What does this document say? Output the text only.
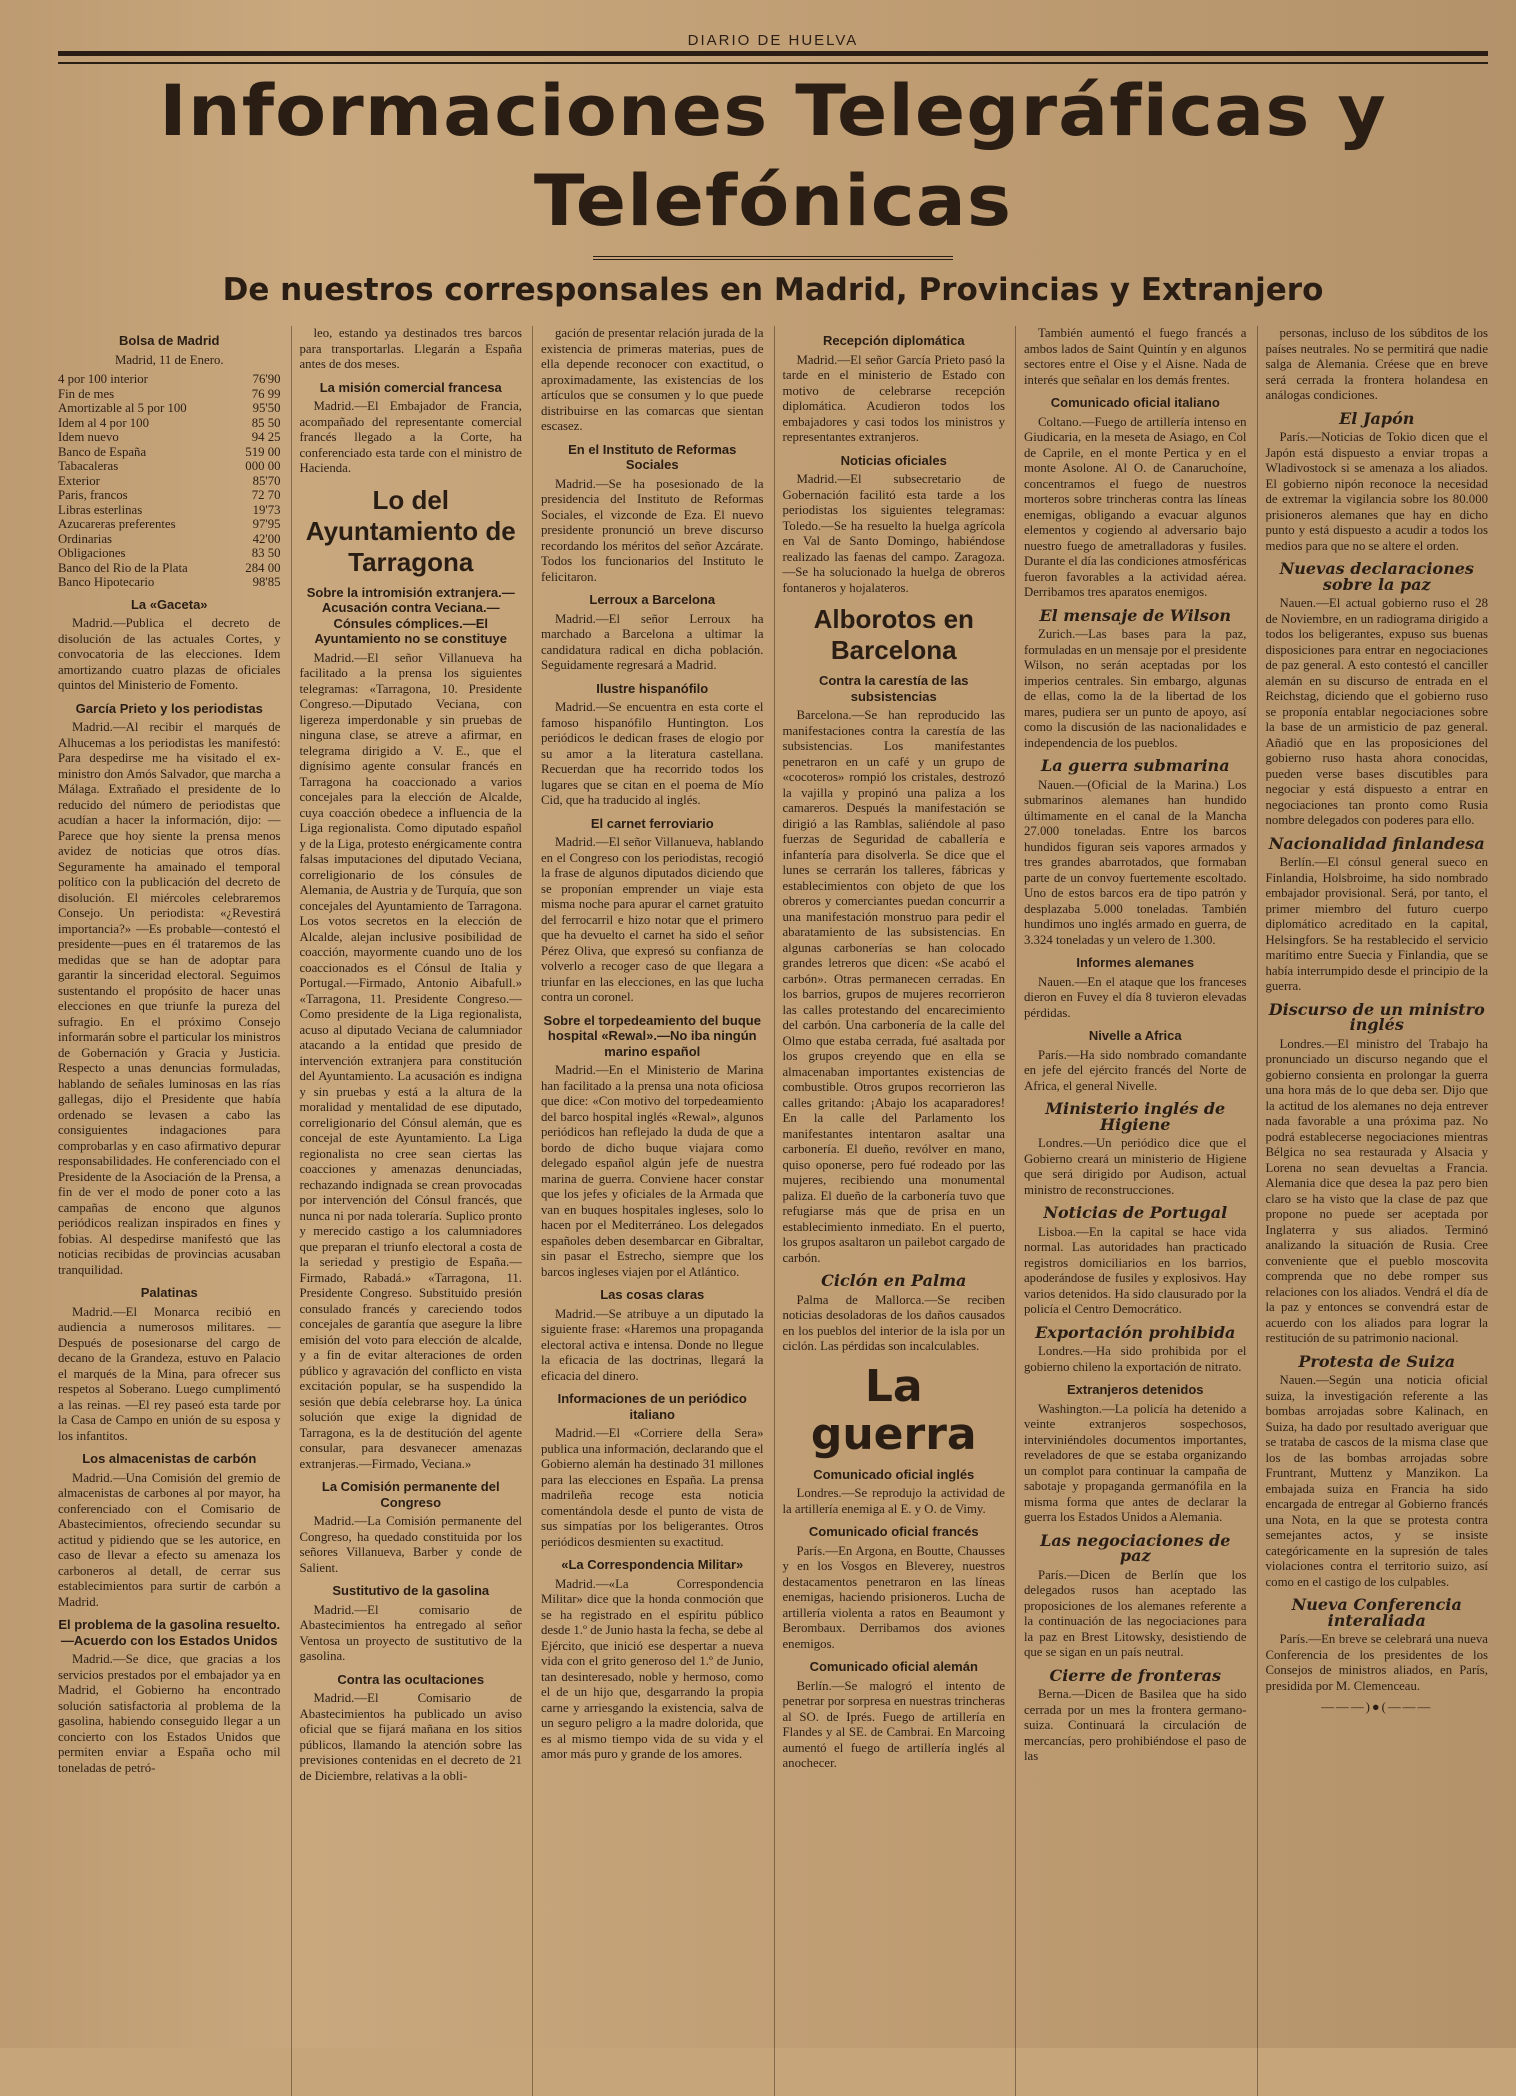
DIARIO DE HUELVA
Informaciones Telegráficas y Telefónicas
De nuestros corresponsales en Madrid, Provincias y Extranjero
Bolsa de Madrid
Madrid, 11 de Enero.
4 por 100 interior	76'90
Fin de mes	76 99
Amortizable al 5 por 100	95'50
Idem al 4 por 100	85 50
Idem nuevo	94 25
Banco de España	519 00
Tabacaleras	000 00
Exterior	85'70
Paris, francos	72 70
Libras esterlinas	19'73
Azucareras preferentes	97'95
Ordinarias	42'00
Obligaciones	83 50
Banco del Rio de la Plata	284 00
Banco Hipotecario	98'85
La «Gaceta»

Madrid.—Publica el decreto de disolución de las actuales Cortes, y convocatoria de las elecciones. Idem amortizando cuatro plazas de oficiales quintos del Ministerio de Fomento.

García Prieto y los periodistas

Madrid.—Al recibir el marqués de Alhucemas a los periodistas les manifestó: Para despedirse me ha visitado el ex-ministro don Amós Salvador, que marcha a Málaga. Extrañado el presidente de lo reducido del número de periodistas que acudían a hacer la información, dijo: —Parece que hoy siente la prensa menos avidez de noticias que otros días. Seguramente ha amainado el temporal político con la publicación del decreto de disolución. El miércoles celebraremos Consejo. Un periodista: «¿Revestirá importancia?» —Es probable—contestó el presidente—pues en él trataremos de las medidas que se han de adoptar para garantir la sinceridad electoral. Seguimos sustentando el propósito de hacer unas elecciones en que triunfe la pureza del sufragio. En el próximo Consejo informarán sobre el particular los ministros de Gobernación y Gracia y Justicia. Respecto a unas denuncias formuladas, hablando de señales luminosas en las rías gallegas, dijo el Presidente que había ordenado se levasen a cabo las consiguientes indagaciones para comprobarlas y en caso afirmativo depurar responsabilidades. He conferenciado con el Presidente de la Asociación de la Prensa, a fin de ver el modo de poner coto a las campañas de encono que algunos periódicos realizan inspirados en fines y fobias. Al despedirse manifestó que las noticias recibidas de provincias acusaban tranquilidad.

Palatinas

Madrid.—El Monarca recibió en audiencia a numerosos militares. —Después de posesionarse del cargo de decano de la Grandeza, estuvo en Palacio el marqués de la Mina, para ofrecer sus respetos al Soberano. Luego cumplimentó a las reinas. —El rey paseó esta tarde por la Casa de Campo en unión de su esposa y los infantitos.

Los almacenistas de carbón

Madrid.—Una Comisión del gremio de almacenistas de carbones al por mayor, ha conferenciado con el Comisario de Abastecimientos, ofreciendo secundar su actitud y pidiendo que se les autorice, en caso de llevar a efecto su amenaza los carboneros al detall, de cerrar sus establecimientos para surtir de carbón a Madrid.

El problema de la gasolina resuelto. —Acuerdo con los Estados Unidos

Madrid.—Se dice, que gracias a los servicios prestados por el embajador ya en Madrid, el Gobierno ha encontrado solución satisfactoria al problema de la gasolina, habiendo conseguido llegar a un concierto con los Estados Unidos que permiten enviar a España ocho mil toneladas de petró-

leo, estando ya destinados tres barcos para transportarlas. Llegarán a España antes de dos meses.

La misión comercial francesa

Madrid.—El Embajador de Francia, acompañado del representante comercial francés llegado a la Corte, ha conferenciado esta tarde con el ministro de Hacienda.

Lo del Ayuntamiento de Tarragona
Sobre la intromisión extranjera.—Acusación contra Veciana.—Cónsules cómplices.—El Ayuntamiento no se constituye

Madrid.—El señor Villanueva ha facilitado a la prensa los siguientes telegramas: «Tarragona, 10. Presidente Congreso.—Diputado Veciana, con ligereza imperdonable y sin pruebas de ninguna clase, se atreve a afirmar, en telegrama dirigido a V. E., que el dignísimo agente consular francés en Tarragona ha coaccionado a varios concejales para la elección de Alcalde, cuya coacción obedece a influencia de la Liga regionalista. Como diputado español y de la Liga, protesto enérgicamente contra falsas imputaciones del diputado Veciana, correligionario de los cónsules de Alemania, de Austria y de Turquía, que son concejales del Ayuntamiento de Tarragona. Los votos secretos en la elección de Alcalde, alejan inclusive posibilidad de coacción, mayormente cuando uno de los coaccionados es el Cónsul de Italia y Portugal.—Firmado, Antonio Aibafull.» «Tarragona, 11. Presidente Congreso.—Como presidente de la Liga regionalista, acuso al diputado Veciana de calumniador atacando a la entidad que presido de intervención extranjera para constitución del Ayuntamiento. La acusación es indigna y sin pruebas y está a la altura de la moralidad y mentalidad de ese diputado, correligionario del Cónsul alemán, que es concejal de este Ayuntamiento. La Liga regionalista no cree sean ciertas las coacciones y amenazas denunciadas, rechazando indignada se crean provocadas por intervención del Cónsul francés, que nunca ni por nada toleraría. Suplico pronto y merecido castigo a los calumniadores que preparan el triunfo electoral a costa de la seriedad y prestigio de España.—Firmado, Rabadá.» «Tarragona, 11. Presidente Congreso. Substituido presión consulado francés y careciendo todos concejales de garantía que asegure la libre emisión del voto para elección de alcalde, y a fin de evitar alteraciones de orden público y agravación del conflicto en vista excitación popular, se ha suspendido la sesión que debía celebrarse hoy. La única solución que exige la dignidad de Tarragona, es la de destitución del agente consular, para desvanecer amenazas extranjeras.—Firmado, Veciana.»

La Comisión permanente del Congreso

Madrid.—La Comisión permanente del Congreso, ha quedado constituida por los señores Villanueva, Barber y conde de Salient.

Sustitutivo de la gasolina

Madrid.—El comisario de Abastecimientos ha entregado al señor Ventosa un proyecto de sustitutivo de la gasolina.

Contra las ocultaciones

Madrid.—El Comisario de Abastecimientos ha publicado un aviso oficial que se fijará mañana en los sitios públicos, llamando la atención sobre las previsiones contenidas en el decreto de 21 de Diciembre, relativas a la obli-

gación de presentar relación jurada de la existencia de primeras materias, pues de ella depende reconocer con exactitud, o aproximadamente, las existencias de los artículos que se consumen y lo que puede distribuirse en las comarcas que sientan escasez.

En el Instituto de Reformas Sociales

Madrid.—Se ha posesionado de la presidencia del Instituto de Reformas Sociales, el vizconde de Eza. El nuevo presidente pronunció un breve discurso recordando los méritos del señor Azcárate. Todos los funcionarios del Instituto le felicitaron.

Lerroux a Barcelona

Madrid.—El señor Lerroux ha marchado a Barcelona a ultimar la candidatura radical en dicha población. Seguidamente regresará a Madrid.

Ilustre hispanófilo

Madrid.—Se encuentra en esta corte el famoso hispanófilo Huntington. Los periódicos le dedican frases de elogio por su amor a la literatura castellana. Recuerdan que ha recorrido todos los lugares que se citan en el poema de Mío Cid, que ha traducido al inglés.

El carnet ferroviario

Madrid.—El señor Villanueva, hablando en el Congreso con los periodistas, recogió la frase de algunos diputados diciendo que se proponían emprender un viaje esta misma noche para apurar el carnet gratuito del ferrocarril e hizo notar que el primero que ha devuelto el carnet ha sido el señor Pérez Oliva, que expresó su confianza de volverlo a recoger caso de que llegara a triunfar en las elecciones, en las que lucha contra un coronel.

Sobre el torpedeamiento del buque hospital «Rewal».—No iba ningún marino español

Madrid.—En el Ministerio de Marina han facilitado a la prensa una nota oficiosa que dice: «Con motivo del torpedeamiento del barco hospital inglés «Rewal», algunos periódicos han reflejado la duda de que a bordo de dicho buque viajara como delegado español algún jefe de nuestra marina de guerra. Conviene hacer constar que los jefes y oficiales de la Armada que van en buques hospitales ingleses, solo lo hacen por el Mediterráneo. Los delegados españoles deben desembarcar en Gibraltar, sin pasar el Estrecho, siempre que los barcos ingleses viajen por el Atlántico.

Las cosas claras

Madrid.—Se atribuye a un diputado la siguiente frase: «Haremos una propaganda electoral activa e intensa. Donde no llegue la eficacia de las doctrinas, llegará la eficacia del dinero.

Informaciones de un periódico italiano

Madrid.—El «Corriere della Sera» publica una información, declarando que el Gobierno alemán ha destinado 31 millones para las elecciones en España. La prensa madrileña recoge esta noticia comentándola desde el punto de vista de sus simpatías por los beligerantes. Otros periódicos desmienten su exactitud.

«La Correspondencia Militar»

Madrid.—«La Correspondencia Militar» dice que la honda conmoción que se ha registrado en el espíritu público desde 1.º de Junio hasta la fecha, se debe al Ejército, que inició ese despertar a nueva vida con el grito generoso del 1.º de Junio, tan desinteresado, noble y hermoso, como el de un hijo que, desgarrando la propia carne y arriesgando la existencia, salva de un seguro peligro a la madre dolorida, que es al mismo tiempo vida de su vida y el amor más puro y grande de los amores.

Recepción diplomática

Madrid.—El señor García Prieto pasó la tarde en el ministerio de Estado con motivo de celebrarse recepción diplomática. Acudieron todos los embajadores y casi todos los ministros y representantes extranjeros.

Noticias oficiales

Madrid.—El subsecretario de Gobernación facilitó esta tarde a los periodistas los siguientes telegramas: Toledo.—Se ha resuelto la huelga agrícola en Val de Santo Domingo, habiéndose realizado las faenas del campo. Zaragoza.—Se ha solucionado la huelga de obreros fontaneros y hojalateros.

Alborotos en Barcelona
Contra la carestía de las subsistencias

Barcelona.—Se han reproducido las manifestaciones contra la carestía de las subsistencias. Los manifestantes penetraron en un café y un grupo de «cocoteros» rompió los cristales, destrozó la vajilla y propinó una paliza a los camareros. Después la manifestación se dirigió a las Ramblas, saliéndole al paso fuerzas de Seguridad de caballería e infantería para disolverla. Se dice que el lunes se cerrarán los talleres, fábricas y establecimientos con objeto de que los obreros y comerciantes puedan concurrir a una manifestación monstruo para pedir el abaratamiento de las subsistencias. En algunas carbonerías se han colocado grandes letreros que dicen: «Se acabó el carbón». Otras permanecen cerradas. En los barrios, grupos de mujeres recorrieron las calles protestando del encarecimiento del carbón. Una carbonería de la calle del Olmo que estaba cerrada, fué asaltada por los grupos creyendo que en ella se almacenaban importantes existencias de combustible. Otros grupos recorrieron las calles gritando: ¡Abajo los acaparadores! En la calle del Parlamento los manifestantes intentaron asaltar una carbonería. El dueño, revólver en mano, quiso oponerse, pero fué rodeado por las mujeres, recibiendo una monumental paliza. El dueño de la carbonería tuvo que refugiarse más que de prisa en un establecimiento inmediato. En el puerto, los grupos asaltaron un pailebot cargado de carbón.

Ciclón en Palma

Palma de Mallorca.—Se reciben noticias desoladoras de los daños causados en los pueblos del interior de la isla por un ciclón. Las pérdidas son incalculables.

La guerra
Comunicado oficial inglés

Londres.—Se reprodujo la actividad de la artillería enemiga al E. y O. de Vimy.

Comunicado oficial francés

París.—En Argona, en Boutte, Chausses y en los Vosgos en Bleverey, nuestros destacamentos penetraron en las líneas enemigas, haciendo prisioneros. Lucha de artillería violenta a ratos en Beaumont y Berombaux. Derribamos dos aviones enemigos.

Comunicado oficial alemán

Berlín.—Se malogró el intento de penetrar por sorpresa en nuestras trincheras al SO. de Iprés. Fuego de artillería en Flandes y al SE. de Cambrai. En Marcoing aumentó el fuego de artillería inglés al anochecer.

También aumentó el fuego francés a ambos lados de Saint Quintín y en algunos sectores entre el Oise y el Aisne. Nada de interés que señalar en los demás frentes.

Comunicado oficial italiano

Coltano.—Fuego de artillería intenso en Giudicaria, en la meseta de Asiago, en Col de Caprile, en el monte Pertica y en el monte Asolone. Al O. de Canaruchoíne, concentramos el fuego de nuestros morteros sobre trincheras contra las líneas enemigas, obligando a evacuar algunos elementos y cogiendo al adversario bajo nuestro fuego de ametralladoras y fusiles. Durante el día las condiciones atmosféricas fueron favorables a la actividad aérea. Derribamos tres aparatos enemigos.

El mensaje de Wilson

Zurich.—Las bases para la paz, formuladas en un mensaje por el presidente Wilson, no serán aceptadas por los imperios centrales. Sin embargo, algunas de ellas, como la de la libertad de los mares, pudiera ser un punto de apoyo, así como la discusión de las nacionalidades e independencia de los pueblos.

La guerra submarina

Nauen.—(Oficial de la Marina.) Los submarinos alemanes han hundido últimamente en el canal de la Mancha 27.000 toneladas. Entre los barcos hundidos figuran seis vapores armados y tres grandes abarrotados, que formaban parte de un convoy fuertemente escoltado. Uno de estos barcos era de tipo patrón y desplazaba 5.000 toneladas. También hundimos uno inglés armado en guerra, de 3.324 toneladas y un velero de 1.300.

Informes alemanes

Nauen.—En el ataque que los franceses dieron en Fuvey el día 8 tuvieron elevadas pérdidas.

Nivelle a Africa

París.—Ha sido nombrado comandante en jefe del ejército francés del Norte de Africa, el general Nivelle.

Ministerio inglés de Higiene

Londres.—Un periódico dice que el Gobierno creará un ministerio de Higiene que será dirigido por Audison, actual ministro de reconstrucciones.

Noticias de Portugal

Lisboa.—En la capital se hace vida normal. Las autoridades han practicado registros domiciliarios en los barrios, apoderándose de fusiles y explosivos. Hay varios detenidos. Ha sido clausurado por la policía el Centro Democrático.

Exportación prohibida

Londres.—Ha sido prohibida por el gobierno chileno la exportación de nitrato.

Extranjeros detenidos

Washington.—La policía ha detenido a veinte extranjeros sospechosos, interviniéndoles documentos importantes, reveladores de que se estaba organizando un complot para continuar la campaña de sabotaje y propaganda germanófila en la misma forma que antes de declarar la guerra los Estados Unidos a Alemania.

Las negociaciones de paz

París.—Dicen de Berlín que los delegados rusos han aceptado las proposiciones de los alemanes referente a la continuación de las negociaciones para la paz en Brest Litowsky, desistiendo de que se sigan en un país neutral.

Cierre de fronteras

Berna.—Dicen de Basilea que ha sido cerrada por un mes la frontera germano-suiza. Continuará la circulación de mercancías, pero prohibiéndose el paso de las

personas, incluso de los súbditos de los países neutrales. No se permitirá que nadie salga de Alemania. Créese que en breve será cerrada la frontera holandesa en análogas condiciones.

El Japón

París.—Noticias de Tokio dicen que el Japón está dispuesto a enviar tropas a Wladivostock si se amenaza a los aliados. El gobierno nipón reconoce la necesidad de extremar la vigilancia sobre los 80.000 prisioneros alemanes que hay en dicho punto y está dispuesto a acudir a todos los medios para que no se altere el orden.

Nuevas declaraciones sobre la paz

Nauen.—El actual gobierno ruso el 28 de Noviembre, en un radiograma dirigido a todos los beligerantes, expuso sus buenas disposiciones para entrar en negociaciones de paz general. A esto contestó el canciller alemán en su discurso de entrada en el Reichstag, diciendo que el gobierno ruso se proponía entablar negociaciones sobre la base de un armisticio de paz general. Añadió que en las proposiciones del gobierno ruso hasta ahora conocidas, pueden verse bases discutibles para negociar y está dispuesto a entrar en negociaciones tan pronto como Rusia nombre delegados con poderes para ello.

Nacionalidad finlandesa

Berlín.—El cónsul general sueco en Finlandia, Holsbroime, ha sido nombrado embajador provisional. Será, por tanto, el primer miembro del futuro cuerpo diplomático acreditado en la capital, Helsingfors. Se ha restablecido el servicio marítimo entre Suecia y Finlandia, que se había interrumpido desde el principio de la guerra.

Discurso de un ministro inglés

Londres.—El ministro del Trabajo ha pronunciado un discurso negando que el gobierno consienta en prolongar la guerra una hora más de lo que deba ser. Dijo que la actitud de los alemanes no deja entrever nada favorable a una próxima paz. No podrá establecerse negociaciones mientras Bélgica no sea restaurada y Alsacia y Lorena no sean devueltas a Francia. Alemania dice que desea la paz pero bien claro se ha visto que la clase de paz que propone no puede ser aceptada por Inglaterra y sus aliados. Terminó analizando la situación de Rusia. Cree conveniente que el pueblo moscovita comprenda que no debe romper sus relaciones con los aliados. Vendrá el día de la paz y entonces se convendrá estar de acuerdo con los aliados para lograr la restitución de su patrimonio nacional.

Protesta de Suiza

Nauen.—Según una noticia oficial suiza, la investigación referente a las bombas arrojadas sobre Kalinach, en Suiza, ha dado por resultado averiguar que se trataba de cascos de la misma clase que los de las bombas arrojadas sobre Fruntrant, Muttenz y Manzikon. La embajada suiza en Francia ha sido encargada de entregar al Gobierno francés una Nota, en la que se protesta contra semejantes actos, y se insiste categóricamente en la supresión de tales violaciones contra el territorio suizo, así como en el castigo de los culpables.

Nueva Conferencia interaliada

París.—En breve se celebrará una nueva Conferencia de los presidentes de los Consejos de ministros aliados, en París, presidida por M. Clemenceau.

———)●(———
